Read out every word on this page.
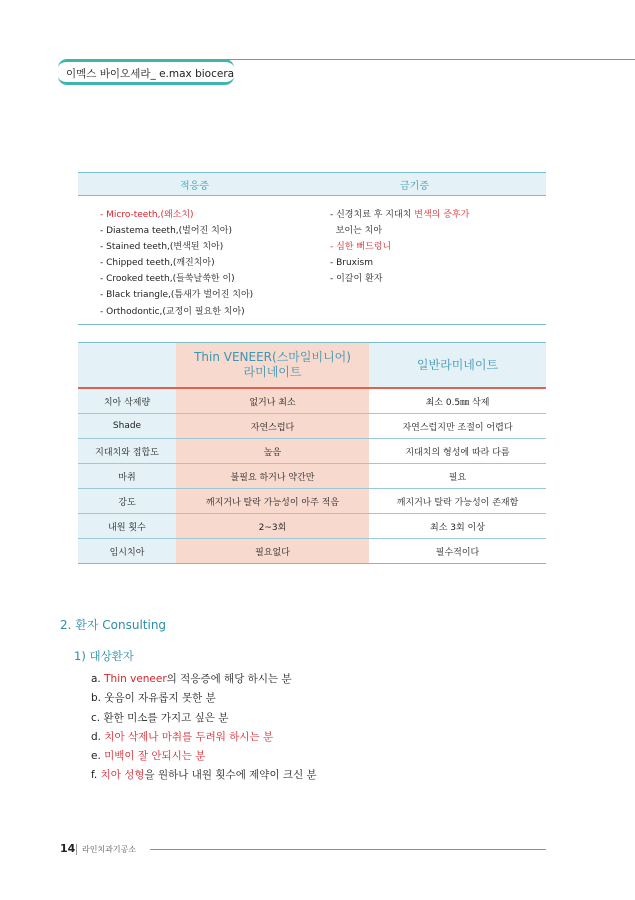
이멕스 바이오세라_ e.max biocera
적응증	금기증
- Micro-teeth,(왜소치)
- Diastema teeth,(벌어진 치아)
- Stained teeth,(변색된 치아)
- Chipped teeth,(깨진치아)
- Crooked teeth,(들쑥날쑥한 이)
- Black triangle,(틈새가 벌어진 치아)
- Orthodontic,(교정이 필요한 치아)
- 신경치료 후 지대치 변색의 증후가
보이는 치아
- 심한 뻐드렁니
- Bruxism
- 이갈이 환자
	Thin VENEER(스마일비니어)
라미네이트	일반라미네이트
치아 삭제량	없거나 최소	최소 0.5㎜ 삭제
Shade	자연스럽다	자연스럽지만 조절이 어렵다
지대치와 접합도	높음	지대치의 형성에 따라 다름
마취	불필요 하거나 약간만	필요
강도	깨지거나 탈락 가능성이 아주 적음	깨지거나 탈락 가능성이 존재함
내원 횟수	2~3회	최소 3회 이상
임시치아	필요없다	필수적이다
2. 환자 Consulting
1) 대상환자
a. Thin veneer의 적응증에 해당 하시는 분
b. 웃음이 자유롭지 못한 분
c. 환한 미소를 가지고 싶은 분
d. 치아 삭제나 마취를 두려워 하시는 분
e. 미백이 잘 안되시는 분
f. 치아 성형을 원하나 내원 횟수에 제약이 크신 분
14 라인치과기공소
